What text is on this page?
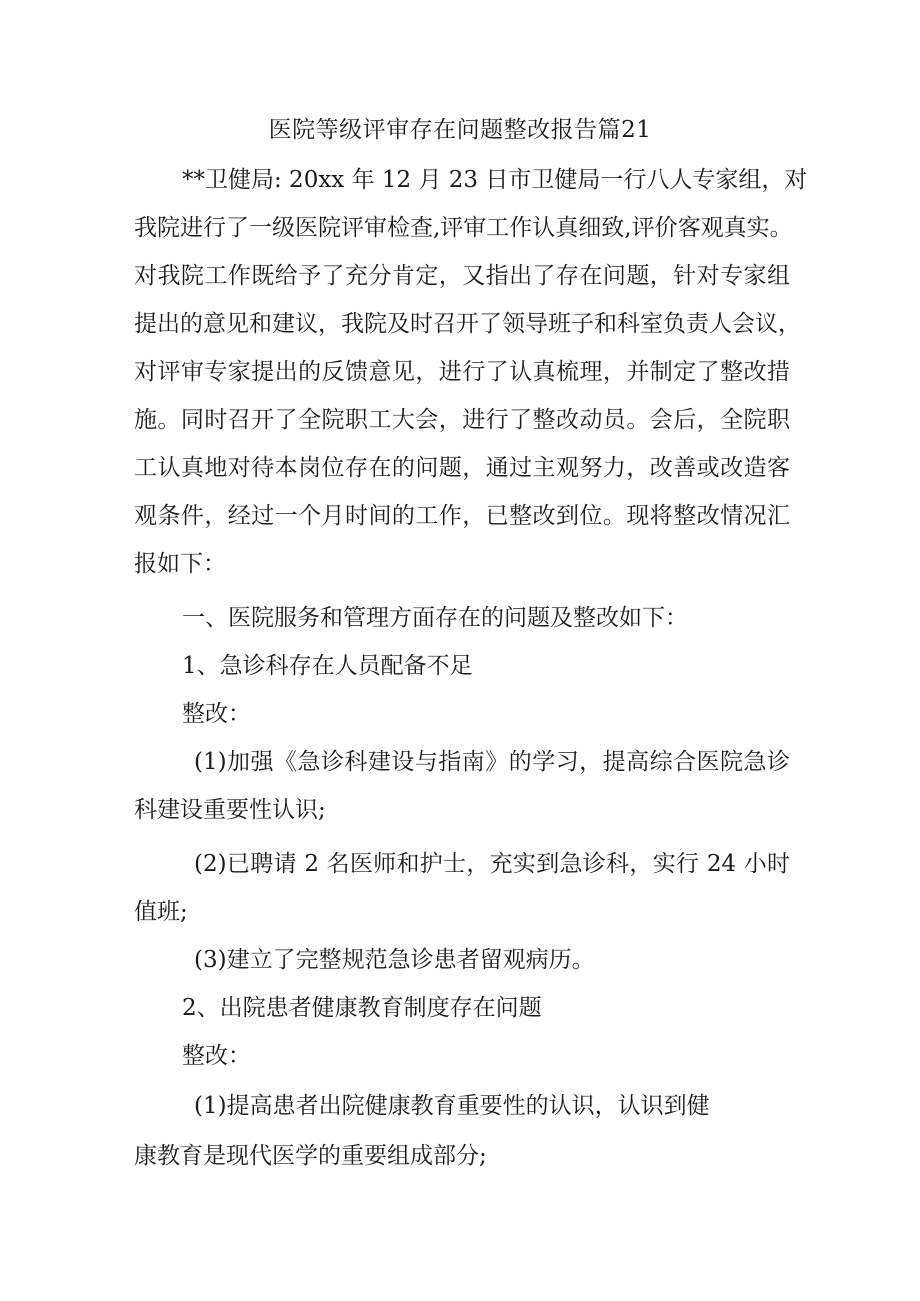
医院等级评审存在问题整改报告篇21
**卫健局: 20xx 年 12 月 23 日市卫健局一行八人专家组，对
我院进行了一级医院评审检查,评审工作认真细致,评价客观真实。
对我院工作既给予了充分肯定，又指出了存在问题，针对专家组
提出的意见和建议，我院及时召开了领导班子和科室负责人会议，
对评审专家提出的反馈意见，进行了认真梳理，并制定了整改措
施。同时召开了全院职工大会，进行了整改动员。会后，全院职
工认真地对待本岗位存在的问题，通过主观努力，改善或改造客
观条件，经过一个月时间的工作，已整改到位。现将整改情况汇
报如下：
一、医院服务和管理方面存在的问题及整改如下：
1、急诊科存在人员配备不足
整改：
(1)加强《急诊科建设与指南》的学习，提高综合医院急诊
科建设重要性认识;
(2)已聘请 2 名医师和护士，充实到急诊科，实行 24 小时
值班;
(3)建立了完整规范急诊患者留观病历。
2、出院患者健康教育制度存在问题
整改：
(1)提高患者出院健康教育重要性的认识，认识到健
康教育是现代医学的重要组成部分;
